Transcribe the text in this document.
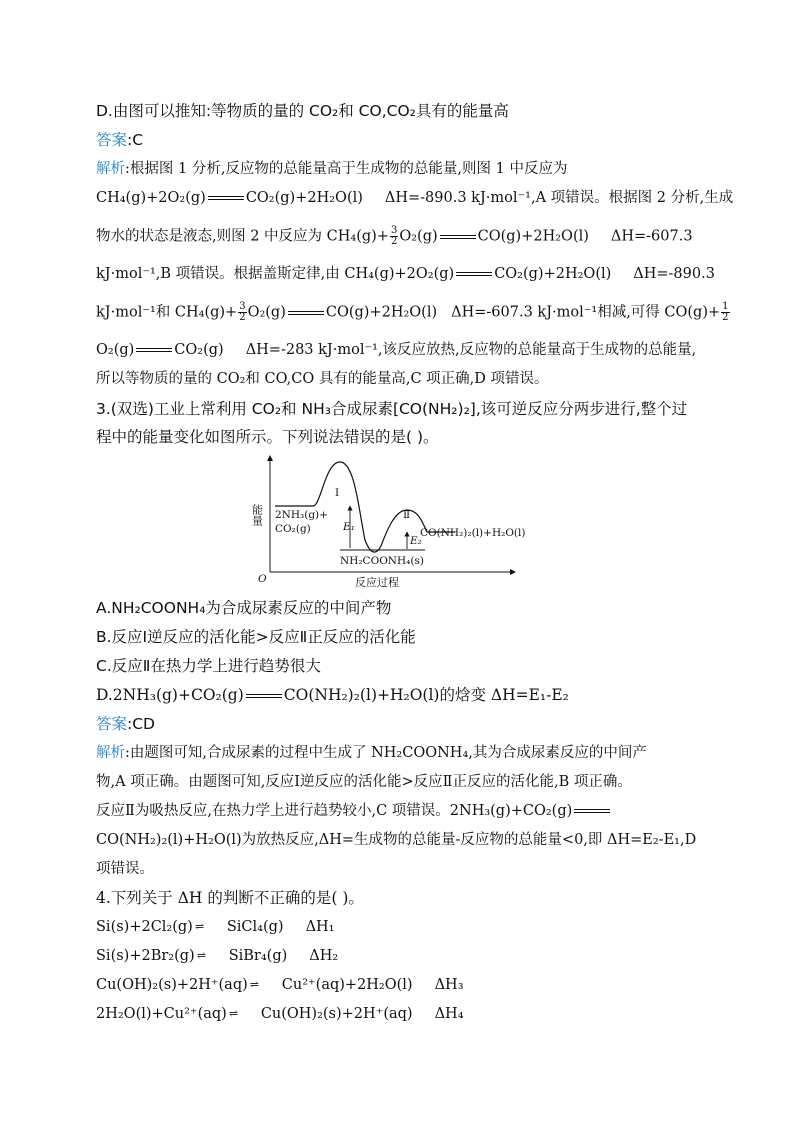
D.由图可以推知:等物质的量的 CO₂和 CO,CO₂具有的能量高
答案:C
解析:根据图 1 分析,反应物的总能量高于生成物的总能量,则图 1 中反应为
CH₄(g)+2O₂(g)	CO₂(g)+2H₂O(l) ΔH=-890.3 kJ·mol⁻¹,A 项错误。根据图 2 分析,生成
物水的状态是液态,则图 2 中反应为 $CH_4(g)+ \frac{3}{2} O_2(g)$	CO(g)+2H₂O(l) ΔH=-607.3
kJ·mol⁻¹,B 项错误。根据盖斯定律,由 CH₄(g)+2O₂(g)	CO₂(g)+2H₂O(l) ΔH=-890.3
kJ·mol⁻¹和 $CH_4(g)+ \frac{3}{2} O_2(g)$	CO(g)+2H₂O(l) ΔH=-607.3 kJ·mol⁻¹相减,可得 $CO(g)+ \frac{1}{2}$
O₂(g)	CO₂(g) ΔH=-283 kJ·mol⁻¹,该反应放热,反应物的总能量高于生成物的总能量,
所以等物质的量的 CO₂和 CO,CO 具有的能量高,C 项正确,D 项错误。
3.(双选)工业上常利用 CO₂和 NH₃合成尿素[CO(NH₂)₂],该可逆反应分两步进行,整个过
程中的能量变化如图所示。下列说法错误的是( )。
A.NH₂COONH₄为合成尿素反应的中间产物
B.反应Ⅰ逆反应的活化能>反应Ⅱ正反应的活化能
C.反应Ⅱ在热力学上进行趋势很大
D.2NH₃(g)+CO₂(g)	CO(NH₂)₂(l)+H₂O(l)的焓变 ΔH=E₁-E₂
答案:CD
解析:由题图可知,合成尿素的过程中生成了 NH₂COONH₄,其为合成尿素反应的中间产
物,A 项正确。由题图可知,反应Ⅰ逆反应的活化能>反应Ⅱ正反应的活化能,B 项正确。
反应Ⅱ为吸热反应,在热力学上进行趋势较小,C 项错误。2NH₃(g)+CO₂(g)
CO(NH₂)₂(l)+H₂O(l)为放热反应,ΔH=生成物的总能量-反应物的总能量<0,即 ΔH=E₂-E₁,D
项错误。
4.下列关于 ΔH 的判断不正确的是( )。
Si(s)+2Cl₂(g) ⇌ SiCl₄(g) ΔH₁
Si(s)+2Br₂(g) ⇌ SiBr₄(g) ΔH₂
Cu(OH)₂(s)+2H⁺(aq) ⇌ Cu²⁺(aq)+2H₂O(l) ΔH₃
2H₂O(l)+Cu²⁺(aq) ⇌ Cu(OH)₂(s)+2H⁺(aq) ΔH₄
O
能量
反应过程
2NH₃(g)+
CO₂(g)
Ⅰ
Ⅱ
E₁
E₂
CO(NH₂)₂(l)+H₂O(l)
NH₂COONH₄(s)
